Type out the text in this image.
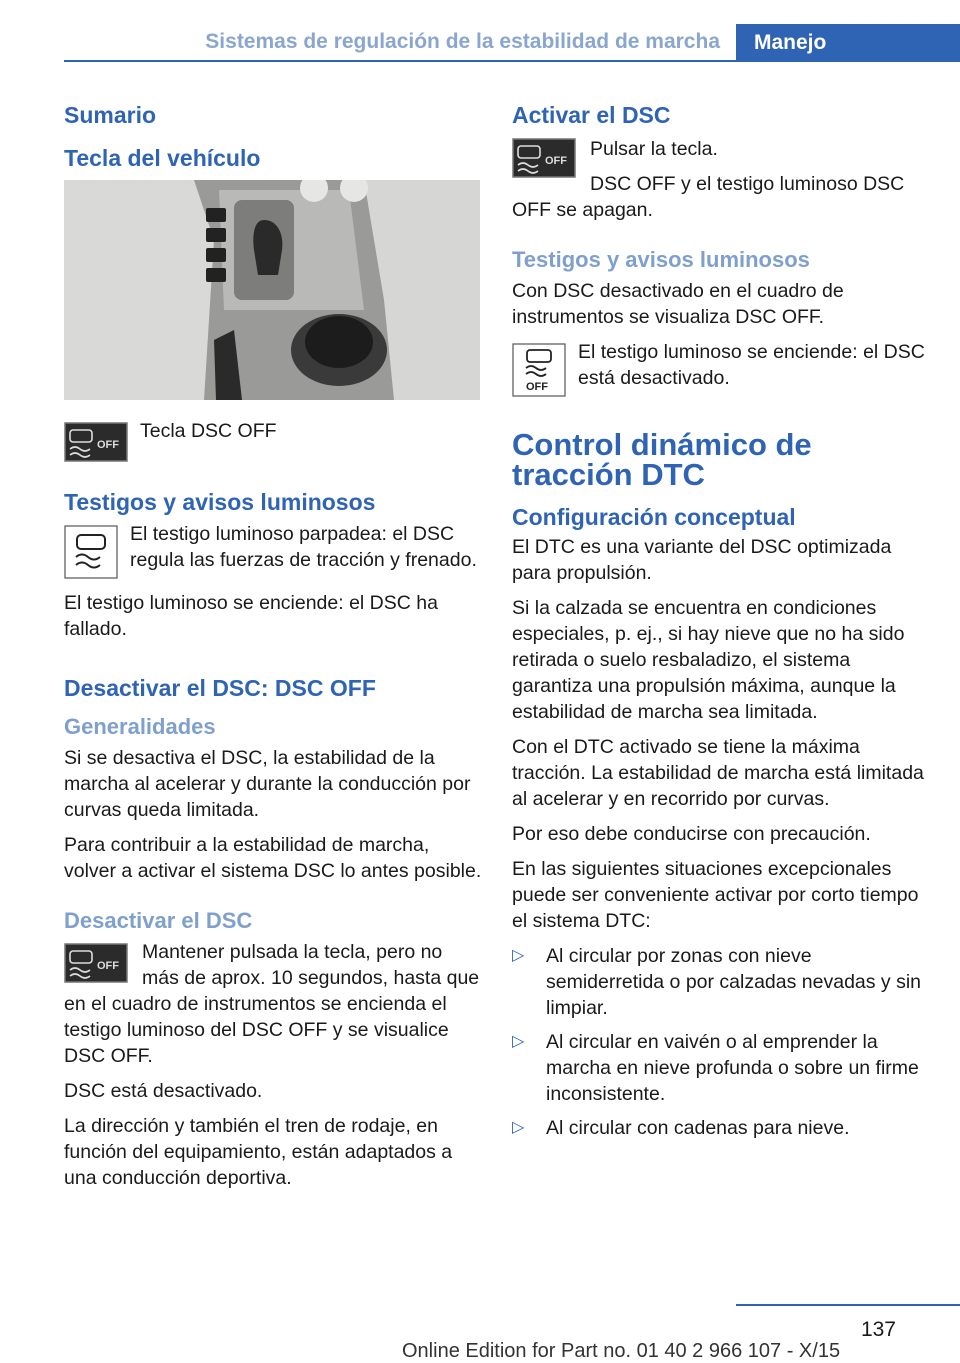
Sistemas de regulación de la estabilidad de marcha	Manejo
Sumario
Tecla del vehículo
OFF

Tecla DSC OFF

Testigos y avisos luminosos

El testigo luminoso parpadea: el DSC regula las fuerzas de tracción y frenado.

El testigo luminoso se enciende: el DSC ha fallado.

Desactivar el DSC: DSC OFF
Generalidades

Si se desactiva el DSC, la estabilidad de la marcha al acelerar y durante la conducción por curvas queda limitada.

Para contribuir a la estabilidad de marcha, volver a activar el sistema DSC lo antes posible.

Desactivar el DSC
OFF

Mantener pulsada la tecla, pero no más de aprox. 10 segundos, hasta que en el cuadro de instrumentos se encienda el testigo luminoso del DSC OFF y se visualice DSC OFF.

DSC está desactivado.

La dirección y también el tren de rodaje, en función del equipamiento, están adaptados a una conducción deportiva.

Activar el DSC
OFF

Pulsar la tecla.

DSC OFF y el testigo luminoso DSC OFF se apagan.

Testigos y avisos luminosos

Con DSC desactivado en el cuadro de instrumentos se visualiza DSC OFF.

OFF

El testigo luminoso se enciende: el DSC está desactivado.

Control dinámico de tracción DTC
Configuración conceptual

El DTC es una variante del DSC optimizada para propulsión.

Si la calzada se encuentra en condiciones especiales, p. ej., si hay nieve que no ha sido retirada o suelo resbaladizo, el sistema garantiza una propulsión máxima, aunque la estabilidad de marcha sea limitada.

Con el DTC activado se tiene la máxima tracción. La estabilidad de marcha está limitada al acelerar y en recorrido por curvas.

Por eso debe conducirse con precaución.

En las siguientes situaciones excepcionales puede ser conveniente activar por corto tiempo el sistema DTC:

▷ Al circular por zonas con nieve semiderretida o por calzadas nevadas y sin limpiar.
▷ Al circular en vaivén o al emprender la marcha en nieve profunda o sobre un firme inconsistente.
▷ Al circular con cadenas para nieve.
137
Online Edition for Part no. 01 40 2 966 107 - X/15
